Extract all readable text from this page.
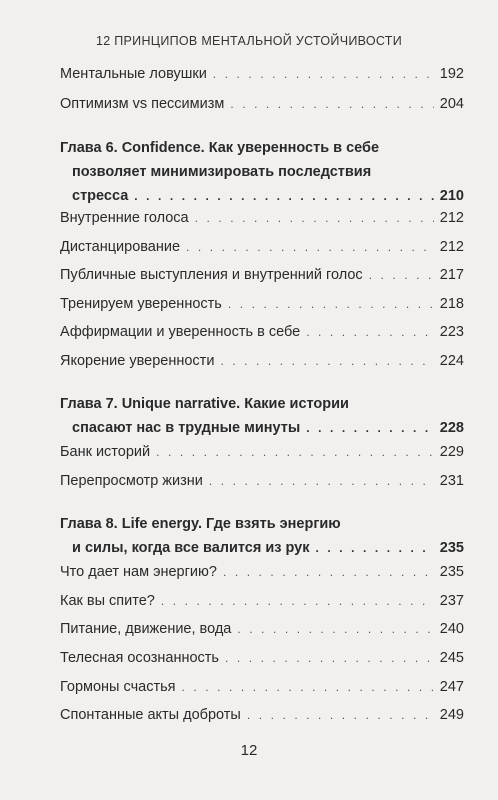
12 ПРИНЦИПОВ МЕНТАЛЬНОЙ УСТОЙЧИВОСТИ
Ментальные ловушки . . .	192
Оптимизм vs пессимизм . . .	204
Глава 6. Confidence. Как уверенность в себе
позволяет минимизировать последствия
стресса . . .	210
Внутренние голоса . . .	212
Дистанцирование . . .	212
Публичные выступления и внутренний голос . . .	217
Тренируем уверенность . . .	218
Аффирмации и уверенность в себе . . .	223
Якорение уверенности . . .	224
Глава 7. Unique narrative. Какие истории
спасают нас в трудные минуты . . .	228
Банк историй . . .	229
Перепросмотр жизни . . .	231
Глава 8. Life energy. Где взять энергию
и силы, когда все валится из рук . . .	235
Что дает нам энергию? . . .	235
Как вы спите? . . .	237
Питание, движение, вода . . .	240
Телесная осознанность . . .	245
Гормоны счастья . . .	247
Спонтанные акты доброты . . .	249
12
